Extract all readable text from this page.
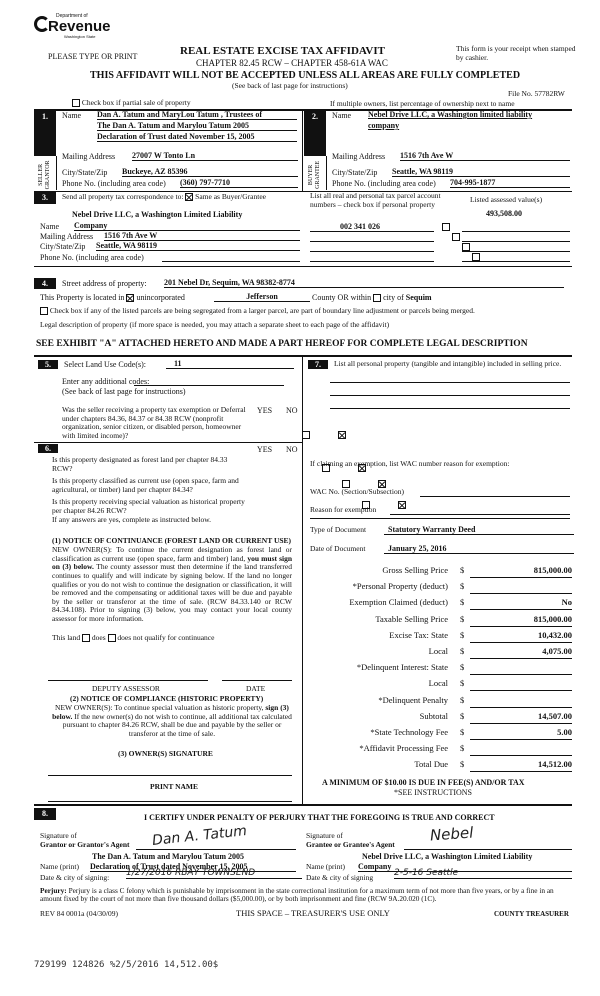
Department of
Revenue
Washington State
PLEASE TYPE OR PRINT	REAL ESTATE EXCISE TAX AFFIDAVIT
CHAPTER 82.45 RCW – CHAPTER 458-61A WAC
This form is your receipt when stamped by cashier.
THIS AFFIDAVIT WILL NOT BE ACCEPTED UNLESS ALL AREAS ARE FULLY COMPLETED
(See back of last page for instructions)
File No. 57782RW
Check box if partial sale of property	If multiple owners, list percentage of ownership next to name
1.
SELLER GRANTOR
Name Dan A. Tatum and MaryLou Tatum , Trustees of
The Dan A. Tatum and Marylou Tatum 2005
Declaration of Trust dated November 15, 2005
Mailing Address 27007 W Tonto Ln
City/State/Zip Buckeye, AZ 85396
Phone No. (including area code) (360) 797-7710
2.
BUYER GRANTEE
Name Nebel Drive LLC, a Washington limited liability
company
Mailing Address 1516 7th Ave W
City/State/Zip Seattle, WA 98119
Phone No. (including area code) 704-995-1877
3.	Send all property tax correspondence to: Same as Buyer/Grantee	List all real and personal tax parcel account numbers – check box if personal property
Listed assessed value(s)
Nebel Drive LLC, a Washington Limited Liability
Name Company
Mailing Address 1516 7th Ave W
City/State/Zip Seattle, WA 98119
Phone No. (including area code)
002 341 026
493,508.00

4.	Street address of property: 201 Nebel Dr, Sequim, WA 98382-8774
This Property is located in unincorporated	Jefferson	County OR within city of Sequim
Check box if any of the listed parcels are being segregated from a larger parcel, are part of boundary line adjustment or parcels being merged.
Legal description of property (if more space is needed, you may attach a separate sheet to each page of the affidavit)
SEE EXHIBIT "A" ATTACHED HERETO AND MADE A PART HEREOF FOR COMPLETE LEGAL DESCRIPTION
5.	Select Land Use Code(s):	11
Enter any additional codes:
(See back of last page for instructions)
YES NO
Was the seller receiving a property tax exemption or Deferral under chapters 84.36, 84.37 or 84.38 RCW (nonprofit organization, senior citizen, or disabled person, homeowner with limited income)?

6.	YES NO
Is this property designated as forest land per chapter 84.33 RCW?

Is this property classified as current use (open space, farm and agricultural, or timber) land per chapter 84.34?

Is this property receiving special valuation as historical property per chapter 84.26 RCW?

If any answers are yes, complete as instructed below.
(1) NOTICE OF CONTINUANCE (FOREST LAND OR CURRENT USE)
NEW OWNER(S): To continue the current designation as forest land or classification as current use (open space, farm and timber) land, you must sign on (3) below. The county assessor must then determine if the land transferred continues to qualify and will indicate by signing below. If the land no longer qualifies or you do not wish to continue the designation or classification, it will be removed and the compensating or additional taxes will be due and payable by the seller or transferor at the time of sale. (RCW 84.33.140 or RCW 84.34.108). Prior to signing (3) below, you may contact your local county assessor for more information.
This land does does not qualify for continuance
DEPUTY ASSESSOR	DATE
(2) NOTICE OF COMPLIANCE (HISTORIC PROPERTY)
NEW OWNER(S): To continue special valuation as historic property, sign (3) below. If the new owner(s) do not wish to continue, all additional tax calculated pursuant to chapter 84.26 RCW, shall be due and payable by the seller or transferor at the time of sale.
(3) OWNER(S) SIGNATURE
PRINT NAME
7.	List all personal property (tangible and intangible) included in selling price.
If claiming an exemption, list WAC number reason for exemption:
WAC No. (Section/Subsection)
Reason for exemption
Type of Document	Statutory Warranty Deed
Date of Document	January 25, 2016
Gross Selling Price $	815,000.00
*Personal Property (deduct) $
Exemption Claimed (deduct) $	No
Taxable Selling Price $	815,000.00
Excise Tax: State $	10,432.00
Local $	4,075.00
*Delinquent Interest: State $
Local $
*Delinquent Penalty $
Subtotal $	14,507.00
*State Technology Fee $	5.00
*Affidavit Processing Fee $
Total Due $	14,512.00
A MINIMUM OF $10.00 IS DUE IN FEE(S) AND/OR TAX
*SEE INSTRUCTIONS
8.	I CERTIFY UNDER PENALTY OF PERJURY THAT THE FOREGOING IS TRUE AND CORRECT
Signature of
Grantor or Grantor's Agent Dan A. Tatum
The Dan A. Tatum and Marylou Tatum 2005
Name (print) Declaration of Trust dated November 15, 2005
Date & city of signing: 1/27/2016 RBAY TOWNSEND
Signature of
Grantee or Grantee's Agent
Nebel
Nebel Drive LLC, a Washington Limited Liability
Name (print) Company
Date & city of signing 2-5-16 Seattle
Perjury: Perjury is a class C felony which is punishable by imprisonment in the state correctional institution for a maximum term of not more than five years, or by a fine in an amount fixed by the court of not more than five thousand dollars ($5,000.00), or by both imprisonment and fine (RCW 9A.20.020 (1C).
REV 84 0001a (04/30/09)	THIS SPACE – TREASURER'S USE ONLY	COUNTY TREASURER
729199 124826 %2/5/2016 14,512.00$
